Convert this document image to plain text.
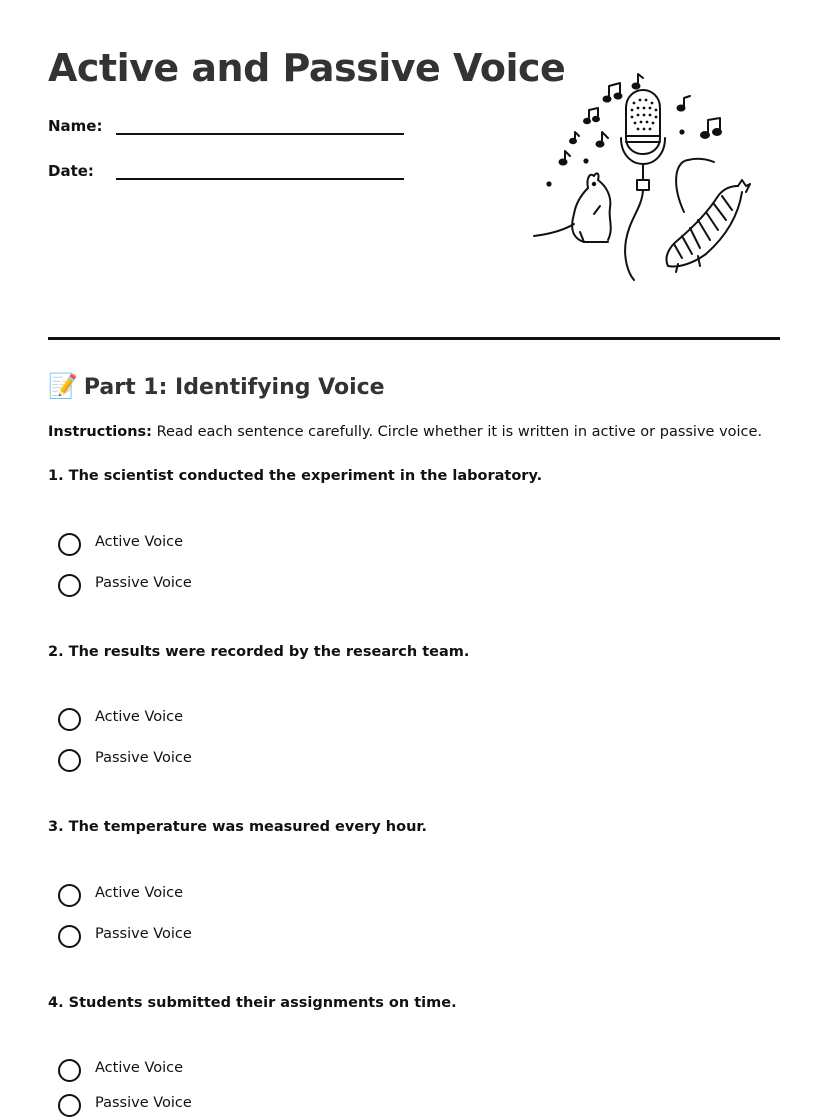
Active and Passive Voice
Name:
Date:
📝 Part 1: Identifying Voice
Instructions: Read each sentence carefully. Circle whether it is written in active or passive voice.
1. The scientist conducted the experiment in the laboratory.
Active Voice
Passive Voice
2. The results were recorded by the research team.
Active Voice
Passive Voice
3. The temperature was measured every hour.
Active Voice
Passive Voice
4. Students submitted their assignments on time.
Active Voice
Passive Voice
